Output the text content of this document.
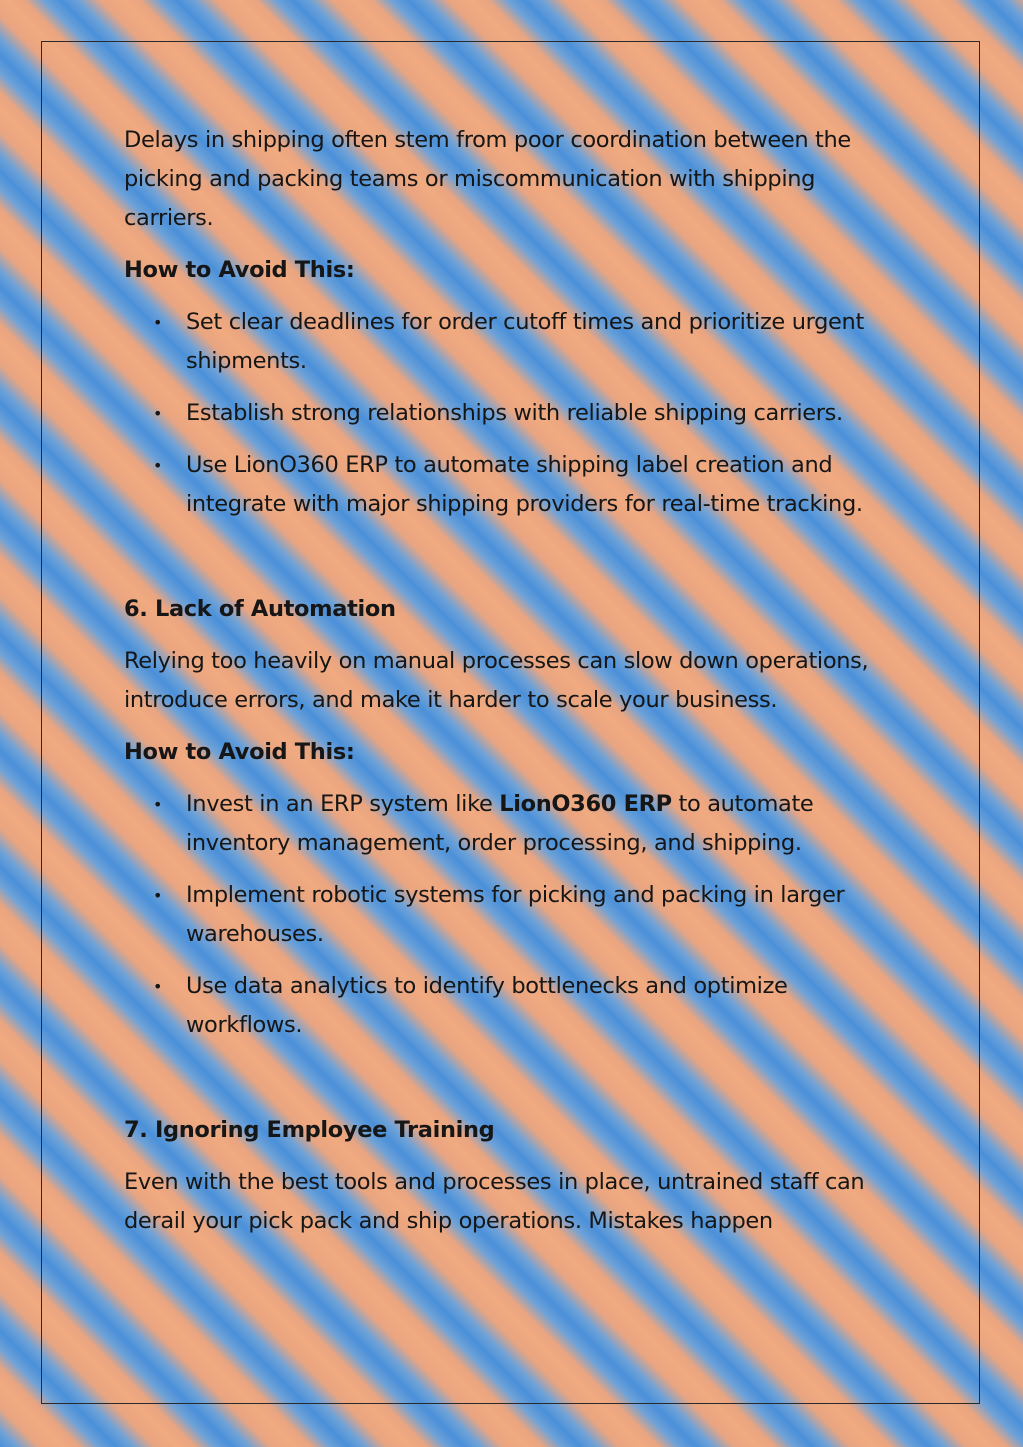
Delays in shipping often stem from poor coordination between the picking and packing teams or miscommunication with shipping carriers.

How to Avoid This:

• Set clear deadlines for order cutoff times and prioritize urgent shipments.
• Establish strong relationships with reliable shipping carriers.
• Use LionO360 ERP to automate shipping label creation and integrate with major shipping providers for real-time tracking.

6. Lack of Automation

Relying too heavily on manual processes can slow down operations, introduce errors, and make it harder to scale your business.

How to Avoid This:

• Invest in an ERP system like LionO360 ERP to automate inventory management, order processing, and shipping.
• Implement robotic systems for picking and packing in larger warehouses.
• Use data analytics to identify bottlenecks and optimize workflows.

7. Ignoring Employee Training

Even with the best tools and processes in place, untrained staff can derail your pick pack and ship operations. Mistakes happen
